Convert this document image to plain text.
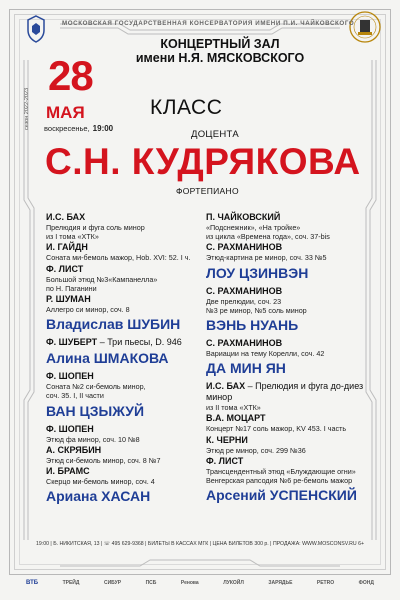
МОСКОВСКАЯ ГОСУДАРСТВЕННАЯ КОНСЕРВАТОРИЯ ИМЕНИ П.И. ЧАЙКОВСКОГО
КОНЦЕРТНЫЙ ЗАЛ
имени Н.Я. МЯСКОВСКОГО
28
МАЯ
сезон 2022-2023 воскресенье, 19:00
КЛАСС
ДОЦЕНТА
С.Н. КУДРЯКОВА
ФОРТЕПИАНО
И.С. БАХ
Прелюдия и фуга соль минор
из I тома «ХТК»
И. ГАЙДН
Соната ми-бемоль мажор, Hob. XVI: 52. I ч.
Ф. ЛИСТ
Большой этюд №3«Кампанелла»
по Н. Паганини
Р. ШУМАН
Аллегро си минор, соч. 8
Владислав ШУБИН
Ф. ШУБЕРТ – Три пьесы, D. 946
Алина ШМАКОВА
Ф. ШОПЕН
Соната №2 си-бемоль минор,
соч. 35. I, II части
ВАН ЦЗЫЖУЙ
Ф. ШОПЕН
Этюд фа минор, соч. 10 №8
А. СКРЯБИН
Этюд си-бемоль минор, соч. 8 №7
И. БРАМС
Скерцо ми-бемоль минор, соч. 4
Ариана ХАСАН
П. ЧАЙКОВСКИЙ
«Подснежник», «На тройке»
из цикла «Времена года», соч. 37-bis
С. РАХМАНИНОВ
Этюд-картина ре минор, соч. 33 №5
ЛОУ ЦЗИНВЭН
С. РАХМАНИНОВ
Две прелюдии, соч. 23
№3 ре минор, №5 соль минор
ВЭНЬ НУАНЬ
С. РАХМАНИНОВ
Вариации на тему Корелли, соч. 42
ДА МИН ЯН
И.С. БАХ – Прелюдия и фуга до-диез минор
из II тома «ХТК»
В.А. МОЦАРТ
Концерт №17 соль мажор, KV 453. I часть
К. ЧЕРНИ
Этюд ре минор, соч. 299 №36
Ф. ЛИСТ
Трансцендентный этюд «Блуждающие огни»
Венгерская рапсодия №6 ре-бемоль мажор
Арсений УСПЕНСКИЙ
19:00 | Б. НИКИТСКАЯ, 13 | ☏ 495 629-9368 | БИЛЕТЫ В КАССАХ МГК | ЦЕНА БИЛЕТОВ 300 р. | ПРОДАЖА: WWW.MOSCONSV.RU 6+
ВТБ	ТРЕЙД	СИБУР	ПСБ	Ренова	ЛУКОЙЛ	ЗАРЯДЬЕ	PETRO	ФОНД
